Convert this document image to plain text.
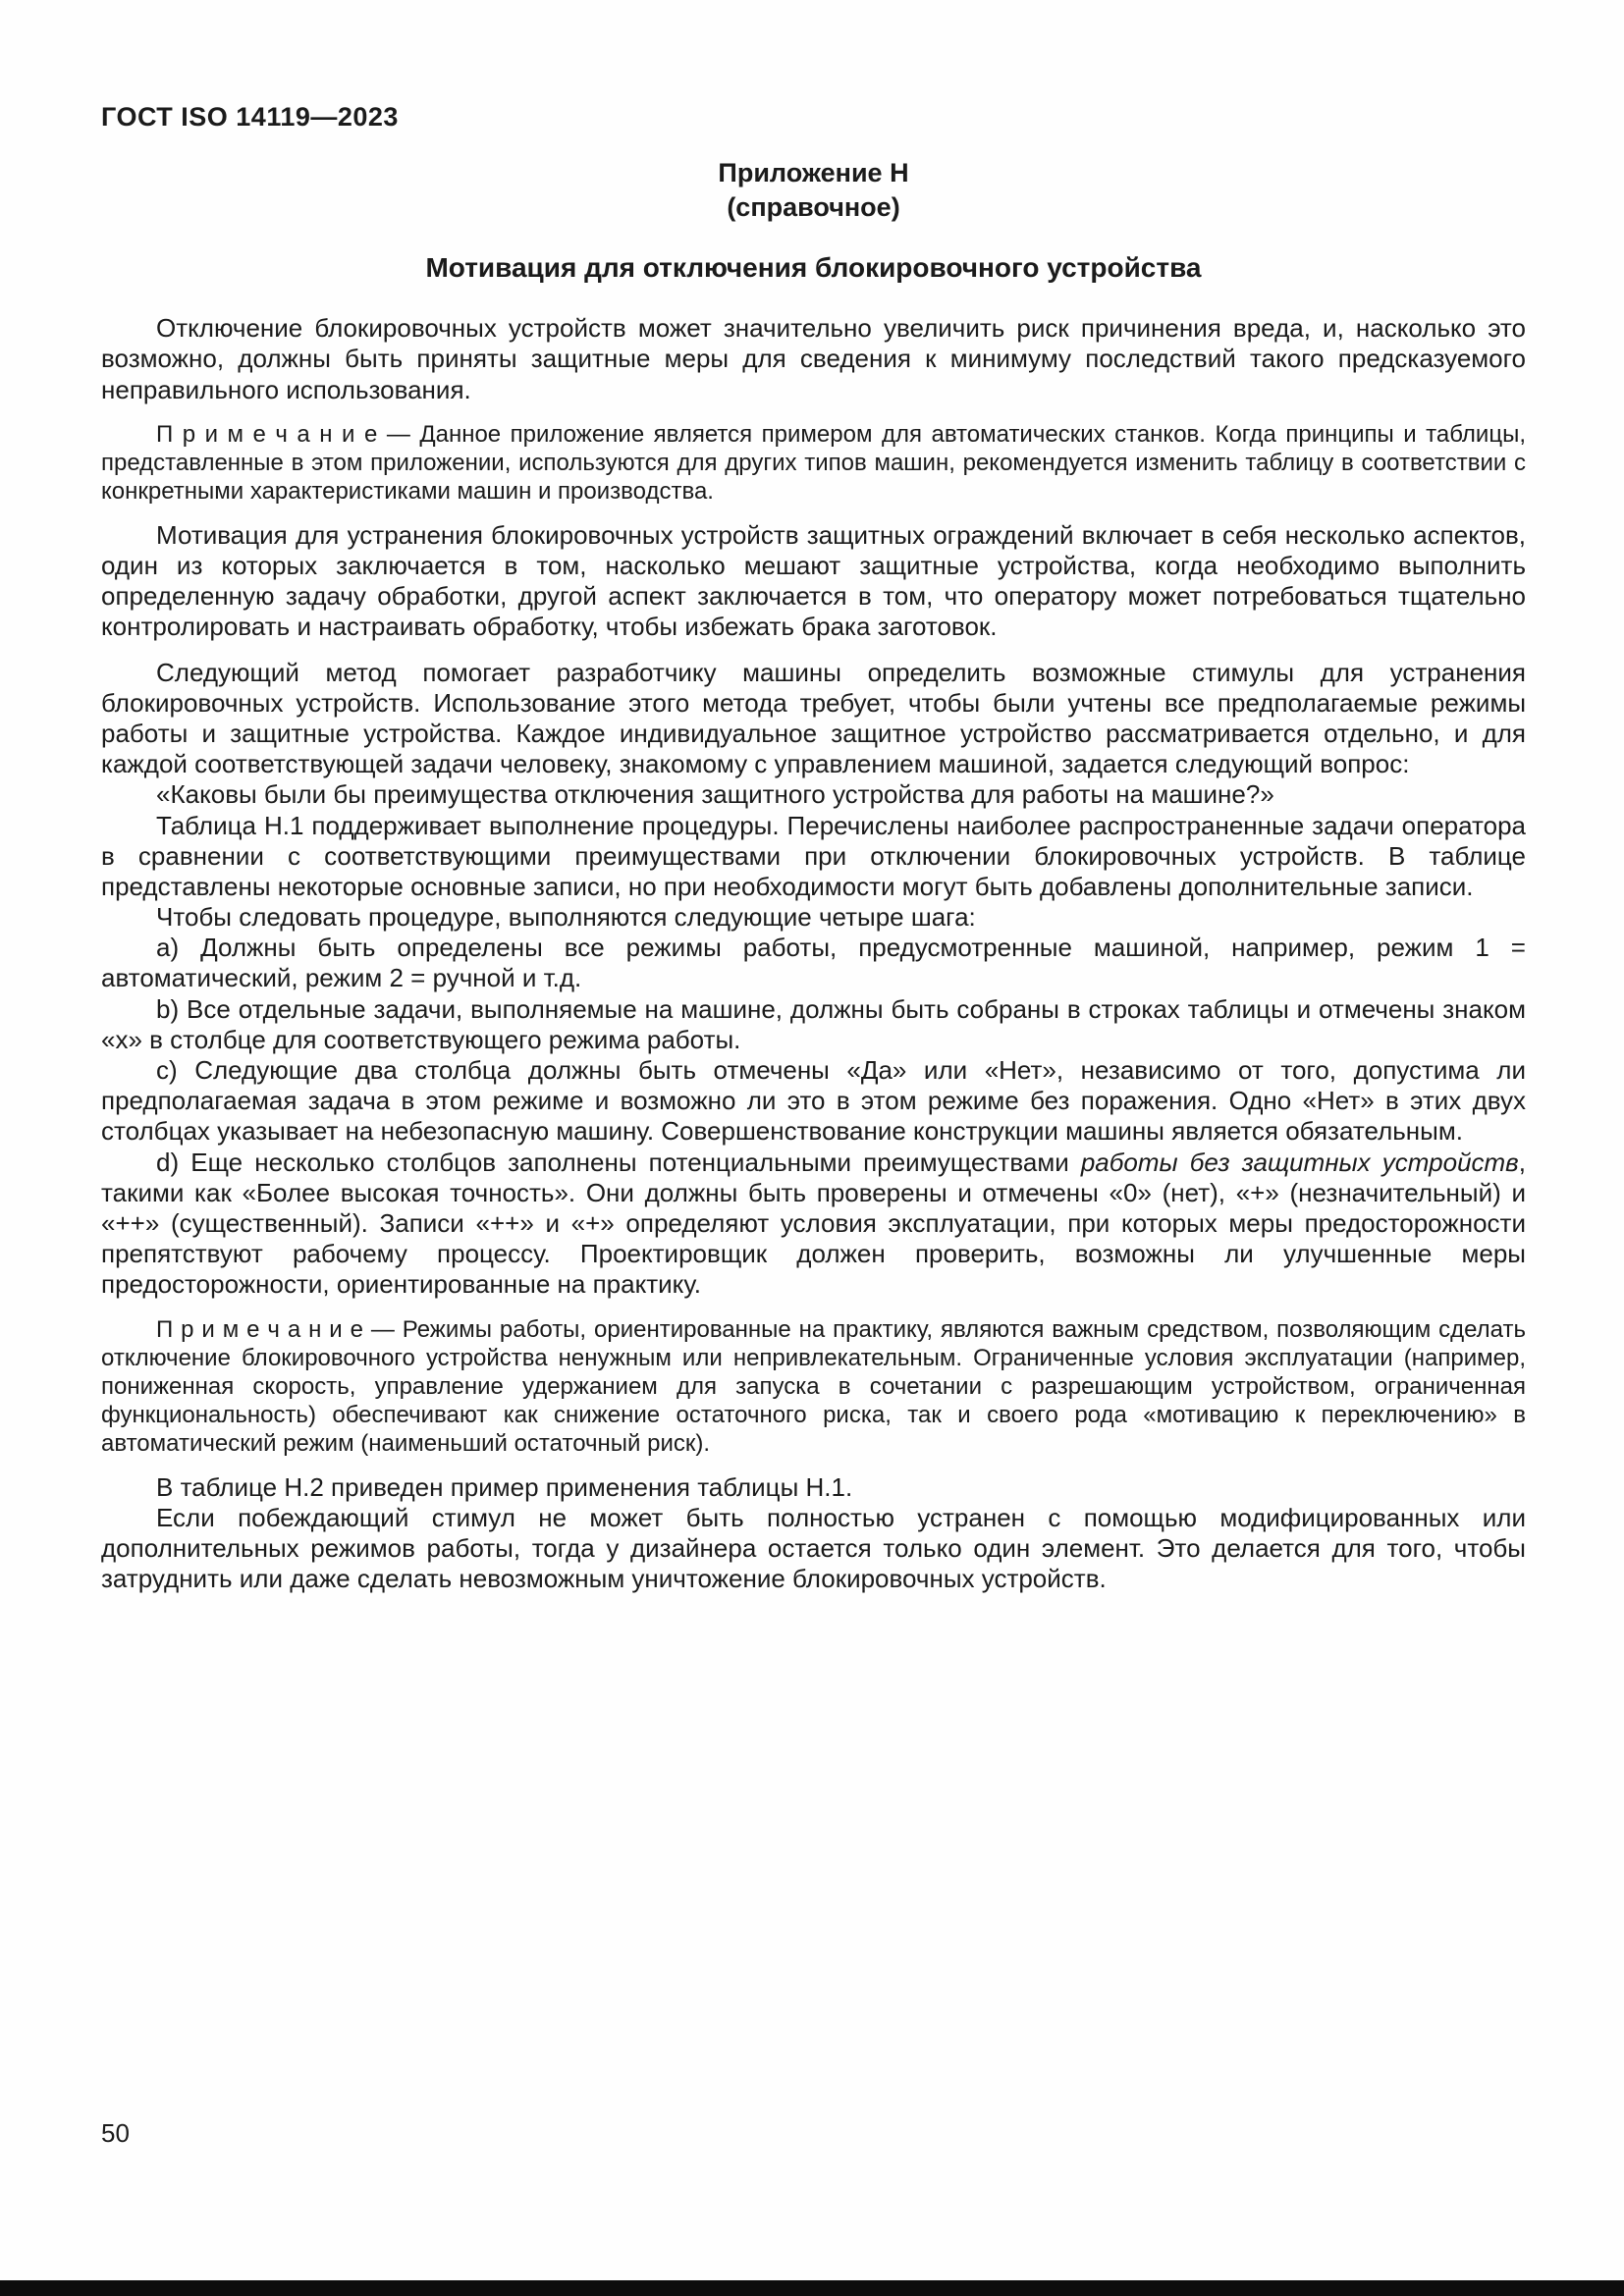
ГОСТ ISO 14119—2023
Приложение Н
(справочное)
Мотивация для отключения блокировочного устройства

Отключение блокировочных устройств может значительно увеличить риск причинения вреда, и, насколько это возможно, должны быть приняты защитные меры для сведения к минимуму последствий такого предсказуемого неправильного использования.

П р и м е ч а н и е — Данное приложение является примером для автоматических станков. Когда принципы и таблицы, представленные в этом приложении, используются для других типов машин, рекомендуется изменить таблицу в соответствии с конкретными характеристиками машин и производства.

Мотивация для устранения блокировочных устройств защитных ограждений включает в себя несколько аспектов, один из которых заключается в том, насколько мешают защитные устройства, когда необходимо выполнить определенную задачу обработки, другой аспект заключается в том, что оператору может потребоваться тщательно контролировать и настраивать обработку, чтобы избежать брака заготовок.

Следующий метод помогает разработчику машины определить возможные стимулы для устранения блокировочных устройств. Использование этого метода требует, чтобы были учтены все предполагаемые режимы работы и защитные устройства. Каждое индивидуальное защитное устройство рассматривается отдельно, и для каждой соответствующей задачи человеку, знакомому с управлением машиной, задается следующий вопрос:

«Каковы были бы преимущества отключения защитного устройства для работы на машине?»

Таблица Н.1 поддерживает выполнение процедуры. Перечислены наиболее распространенные задачи оператора в сравнении с соответствующими преимуществами при отключении блокировочных устройств. В таблице представлены некоторые основные записи, но при необходимости могут быть добавлены дополнительные записи.

Чтобы следовать процедуре, выполняются следующие четыре шага:

a) Должны быть определены все режимы работы, предусмотренные машиной, например, режим 1 = автоматический, режим 2 = ручной и т.д.

b) Все отдельные задачи, выполняемые на машине, должны быть собраны в строках таблицы и отмечены знаком «х» в столбце для соответствующего режима работы.

c) Следующие два столбца должны быть отмечены «Да» или «Нет», независимо от того, допустима ли предполагаемая задача в этом режиме и возможно ли это в этом режиме без поражения. Одно «Нет» в этих двух столбцах указывает на небезопасную машину. Совершенствование конструкции машины является обязательным.

d) Еще несколько столбцов заполнены потенциальными преимуществами работы без защитных устройств, такими как «Более высокая точность». Они должны быть проверены и отмечены «0» (нет), «+» (незначительный) и «++» (существенный). Записи «++» и «+» определяют условия эксплуатации, при которых меры предосторожности препятствуют рабочему процессу. Проектировщик должен проверить, возможны ли улучшенные меры предосторожности, ориентированные на практику.

П р и м е ч а н и е — Режимы работы, ориентированные на практику, являются важным средством, позволяющим сделать отключение блокировочного устройства ненужным или непривлекательным. Ограниченные условия эксплуатации (например, пониженная скорость, управление удержанием для запуска в сочетании с разрешающим устройством, ограниченная функциональность) обеспечивают как снижение остаточного риска, так и своего рода «мотивацию к переключению» в автоматический режим (наименьший остаточный риск).

В таблице Н.2 приведен пример применения таблицы Н.1.

Если побеждающий стимул не может быть полностью устранен с помощью модифицированных или дополнительных режимов работы, тогда у дизайнера остается только один элемент. Это делается для того, чтобы затруднить или даже сделать невозможным уничтожение блокировочных устройств.

50
